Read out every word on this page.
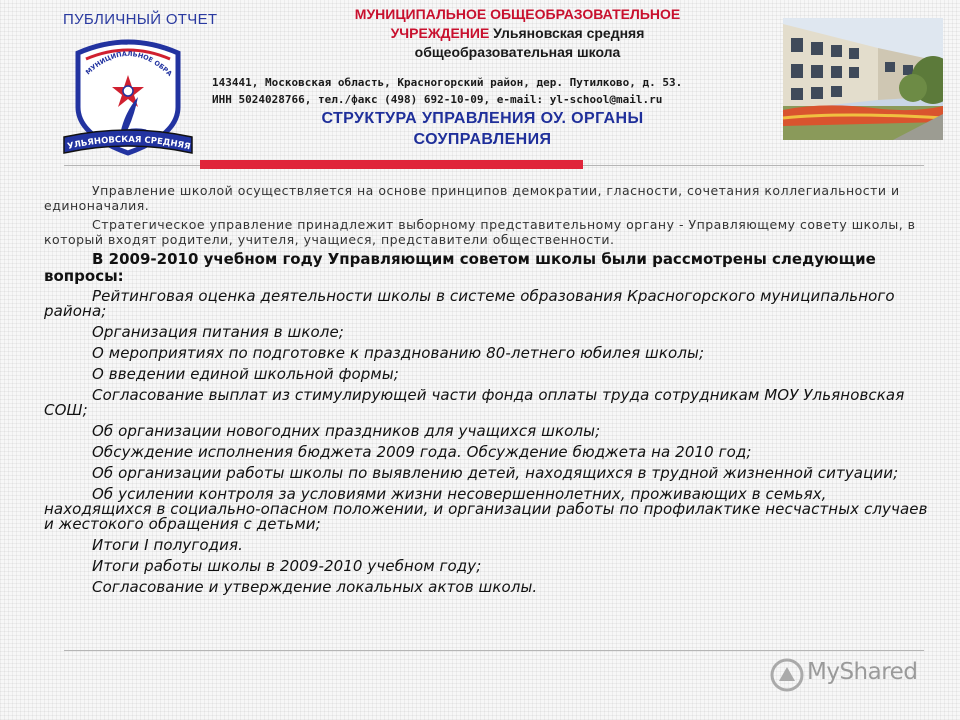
ПУБЛИЧНЫЙ ОТЧЕТ
МУНИЦИПАЛЬНОЕ ОБРА
УЛЬЯНОВСКАЯ СРЕДНЯЯ
МУНИЦИПАЛЬНОЕ ОБЩЕОБРАЗОВАТЕЛЬНОЕ
УЧРЕЖДЕНИЕ Ульяновская средняя
общеобразовательная школа
143441, Московская область, Красногорский район, дер. Путилково, д. 53.
ИНН 5024028766, тел./факс (498) 692-10-09, e-mail: yl-school@mail.ru
СТРУКТУРА УПРАВЛЕНИЯ ОУ. ОРГАНЫ
СОУПРАВЛЕНИЯ

Управление школой осуществляется на основе принципов демократии, гласности, сочетания коллегиальности и единоначалия.

Стратегическое управление принадлежит выборному представительному органу - Управляющему совету школы, в который входят родители, учителя, учащиеся, представители общественности.

В 2009-2010 учебном году Управляющим советом школы были рассмотрены следующие вопросы:

Рейтинговая оценка деятельности школы в системе образования Красногорского муниципального района;
Организация питания в школе;
О мероприятиях по подготовке к празднованию 80-летнего юбилея школы;
О введении единой школьной формы;
Согласование выплат из стимулирующей части фонда оплаты труда сотрудникам МОУ Ульяновская СОШ;
Об организации новогодних праздников для учащихся школы;
Обсуждение исполнения бюджета 2009 года. Обсуждение бюджета на 2010 год;
Об организации работы школы по выявлению детей, находящихся в трудной жизненной ситуации;
Об усилении контроля за условиями жизни несовершеннолетних, проживающих в семьях, находящихся в социально-опасном положении, и организации работы по профилактике несчастных случаев и жестокого обращения с детьми;
Итоги I полугодия.
Итоги работы школы в 2009-2010 учебном году;
Согласование и утверждение локальных актов школы.
MyShared
